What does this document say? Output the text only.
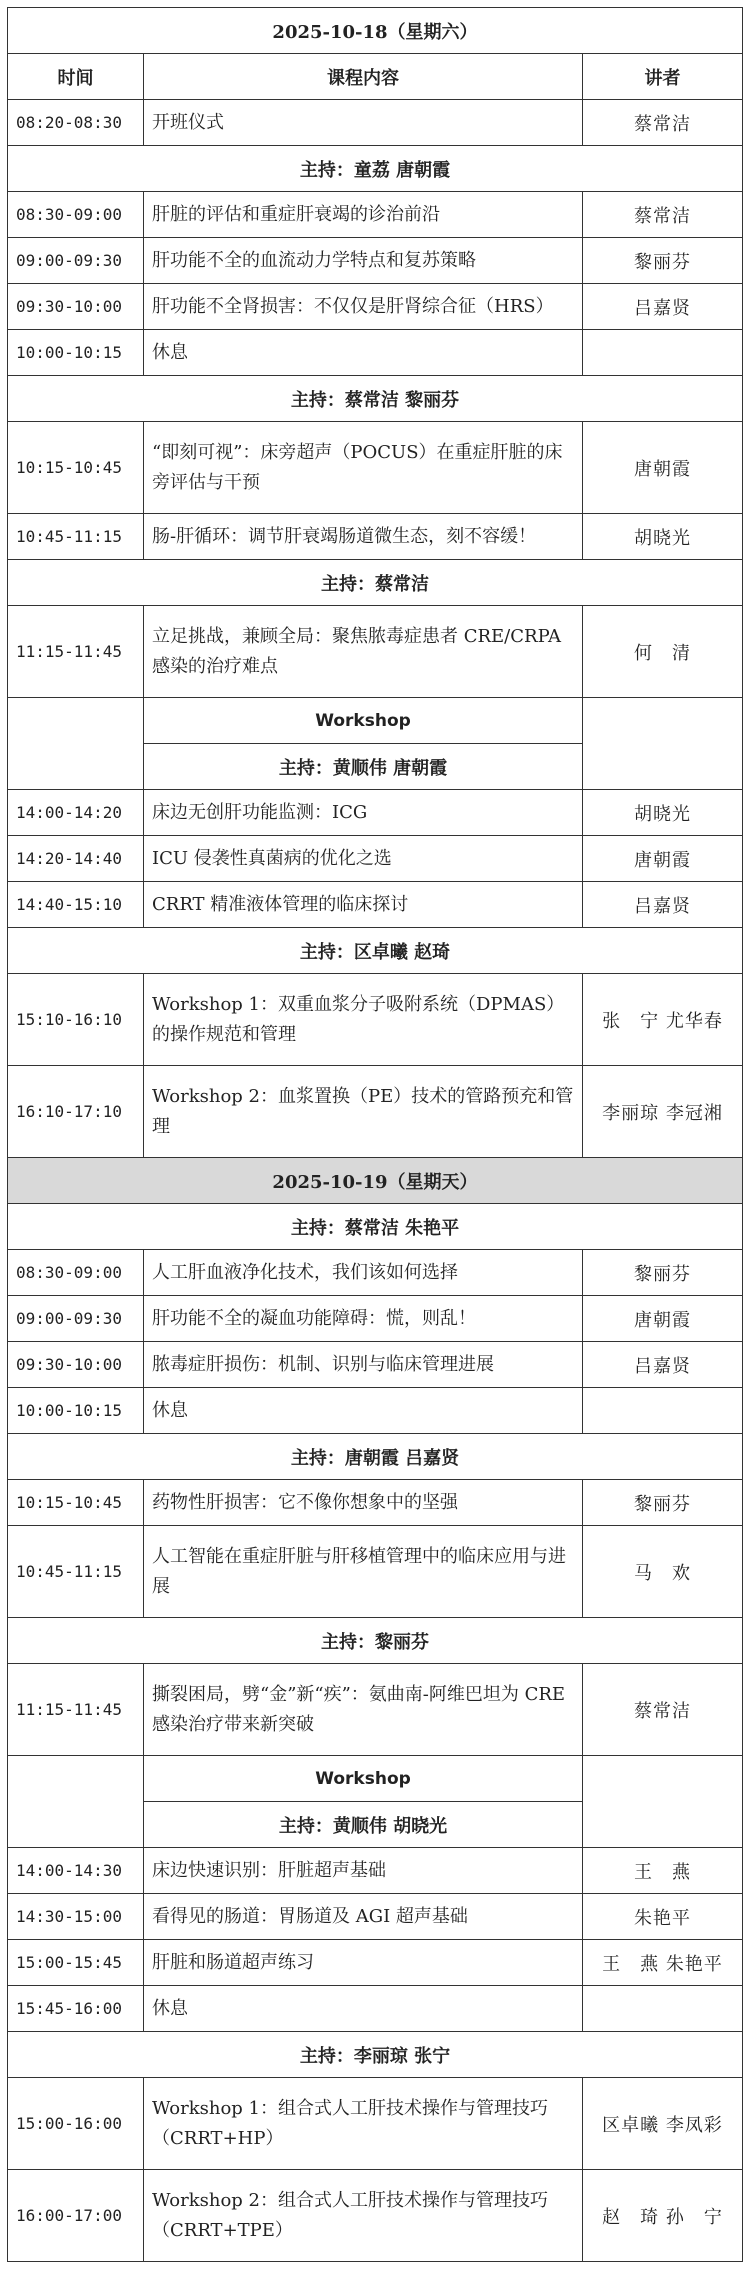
2025-10-18（星期六）		
时间	课程内容	讲者
08:20-08:30	开班仪式	蔡常洁
主持：童荔 唐朝霞		
08:30-09:00	肝脏的评估和重症肝衰竭的诊治前沿	蔡常洁
09:00-09:30	肝功能不全的血流动力学特点和复苏策略	黎丽芬
09:30-10:00	肝功能不全肾损害：不仅仅是肝肾综合征（HRS）	吕嘉贤
10:00-10:15	休息	
主持：蔡常洁 黎丽芬		
10:15-10:45	“即刻可视”：床旁超声（POCUS）在重症肝脏的床旁评估与干预	唐朝霞
10:45-11:15	肠-肝循环：调节肝衰竭肠道微生态，刻不容缓！	胡晓光
主持：蔡常洁		
11:15-11:45	立足挑战，兼顾全局：聚焦脓毒症患者 CRE/CRPA 感染的治疗难点	何　清
	Workshop	
	主持：黄顺伟 唐朝霞	
14:00-14:20	床边无创肝功能监测：ICG	胡晓光
14:20-14:40	ICU 侵袭性真菌病的优化之选	唐朝霞
14:40-15:10	CRRT 精准液体管理的临床探讨	吕嘉贤
主持：区卓曦 赵琦		
15:10-16:10	Workshop 1：双重血浆分子吸附系统（DPMAS）的操作规范和管理	张　宁 尤华春
16:10-17:10	Workshop 2：血浆置换（PE）技术的管路预充和管理	李丽琼 李冠湘
2025-10-19（星期天）		
主持：蔡常洁 朱艳平		
08:30-09:00	人工肝血液净化技术，我们该如何选择	黎丽芬
09:00-09:30	肝功能不全的凝血功能障碍：慌，则乱！	唐朝霞
09:30-10:00	脓毒症肝损伤：机制、识别与临床管理进展	吕嘉贤
10:00-10:15	休息	
主持：唐朝霞 吕嘉贤		
10:15-10:45	药物性肝损害：它不像你想象中的坚强	黎丽芬
10:45-11:15	人工智能在重症肝脏与肝移植管理中的临床应用与进展	马　欢
主持：黎丽芬		
11:15-11:45	撕裂困局，劈“金”新“疾”：氨曲南-阿维巴坦为 CRE 感染治疗带来新突破	蔡常洁
	Workshop	
	主持：黄顺伟 胡晓光	
14:00-14:30	床边快速识别：肝脏超声基础	王　燕
14:30-15:00	看得见的肠道：胃肠道及 AGI 超声基础	朱艳平
15:00-15:45	肝脏和肠道超声练习	王　燕 朱艳平
15:45-16:00	休息	
主持：李丽琼 张宁		
15:00-16:00	Workshop 1：组合式人工肝技术操作与管理技巧（CRRT+HP）	区卓曦 李凤彩
16:00-17:00	Workshop 2：组合式人工肝技术操作与管理技巧（CRRT+TPE）	赵　琦 孙　宁
